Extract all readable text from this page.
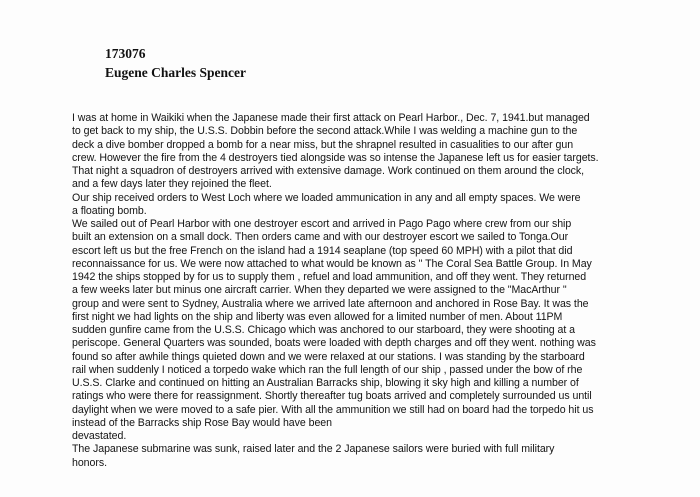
173076
Eugene Charles Spencer
I was at home in Waikiki when the Japanese made their first attack on Pearl Harbor., Dec. 7, 1941.but managed
to get back to my ship, the U.S.S. Dobbin before the second attack.While I was welding a machine gun to the
deck a dive bomber dropped a bomb for a near miss, but the shrapnel resulted in casualities to our after gun
crew. However the fire from the 4 destroyers tied alongside was so intense the Japanese left us for easier targets.
That night a squadron of destroyers arrived with extensive damage. Work continued on them around the clock,
and a few days later they rejoined the fleet.
Our ship received orders to West Loch where we loaded ammunication in any and all empty spaces. We were
a floating bomb.
We sailed out of Pearl Harbor with one destroyer escort and arrived in Pago Pago where crew from our ship
built an extension on a small dock. Then orders came and with our destroyer escort we sailed to Tonga.Our
escort left us but the free French on the island had a 1914 seaplane (top speed 60 MPH) with a pilot that did
reconnaissance for us. We were now attached to what would be known as " The Coral Sea Battle Group. In May
1942 the ships stopped by for us to supply them , refuel and load ammunition, and off they went. They returned
a few weeks later but minus one aircraft carrier. When they departed we were assigned to the "MacArthur "
group and were sent to Sydney, Australia where we arrived late afternoon and anchored in Rose Bay. It was the
first night we had lights on the ship and liberty was even allowed for a limited number of men. About 11PM
sudden gunfire came from the U.S.S. Chicago which was anchored to our starboard, they were shooting at a
periscope. General Quarters was sounded, boats were loaded with depth charges and off they went. nothing was
found so after awhile things quieted down and we were relaxed at our stations. I was standing by the starboard
rail when suddenly I noticed a torpedo wake which ran the full length of our ship , passed under the bow of rhe
U.S.S. Clarke and continued on hitting an Australian Barracks ship, blowing it sky high and killing a number of
ratings who were there for reassignment. Shortly thereafter tug boats arrived and completely surrounded us until
daylight when we were moved to a safe pier. With all the ammunition we still had on board had the torpedo hit us
instead of the Barracks ship Rose Bay would have been
devastated.
The Japanese submarine was sunk, raised later and the 2 Japanese sailors were buried with full military
honors.
